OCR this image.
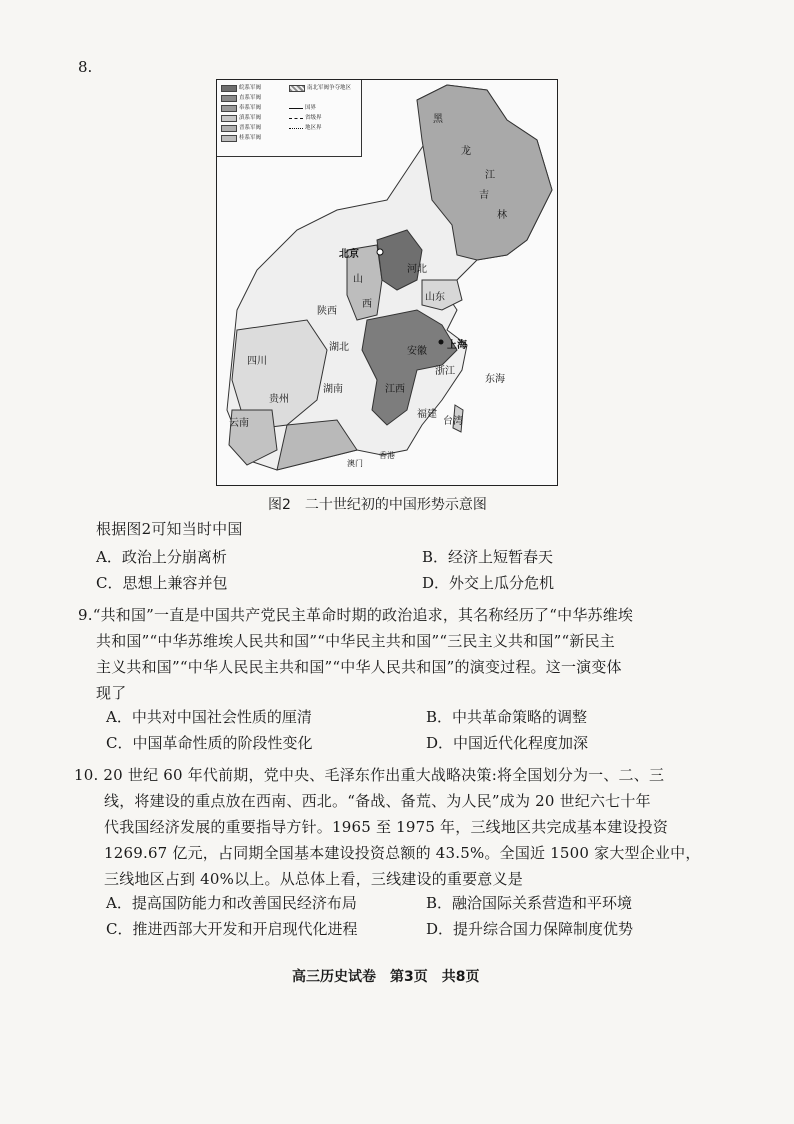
8.
皖系军阀
直系军阀
奉系军阀
滇系军阀
晋系军阀
桂系军阀
南北军阀争夺地区
国界
省级界
地区界
黑
龙
江
吉
林
北京
山
西
陕西
河北
山东
四川
湖北	安徽
上海
浙江
东海
湖南	江西
贵州
云南
福建
台湾
香港
澳门
图2　二十世纪初的中国形势示意图
根据图2可知当时中国
A．政治上分崩离析	B．经济上短暂春天
C．思想上兼容并包	D．外交上瓜分危机
9.“共和国”一直是中国共产党民主革命时期的政治追求，其名称经历了“中华苏维埃
共和国”“中华苏维埃人民共和国”“中华民主共和国”“三民主义共和国”“新民主
主义共和国”“中华人民民主共和国”“中华人民共和国”的演变过程。这一演变体
现了
A．中共对中国社会性质的厘清	B．中共革命策略的调整
C．中国革命性质的阶段性变化	D．中国近代化程度加深
10. 20 世纪 60 年代前期，党中央、毛泽东作出重大战略决策:将全国划分为一、二、三
线，将建设的重点放在西南、西北。“备战、备荒、为人民”成为 20 世纪六七十年
代我国经济发展的重要指导方针。1965 至 1975 年，三线地区共完成基本建设投资
1269.67 亿元，占同期全国基本建设投资总额的 43.5%。全国近 1500 家大型企业中，
三线地区占到 40%以上。从总体上看，三线建设的重要意义是
A．提高国防能力和改善国民经济布局	B．融洽国际关系营造和平环境
C．推进西部大开发和开启现代化进程	D．提升综合国力保障制度优势
高三历史试卷　第3页　共8页
